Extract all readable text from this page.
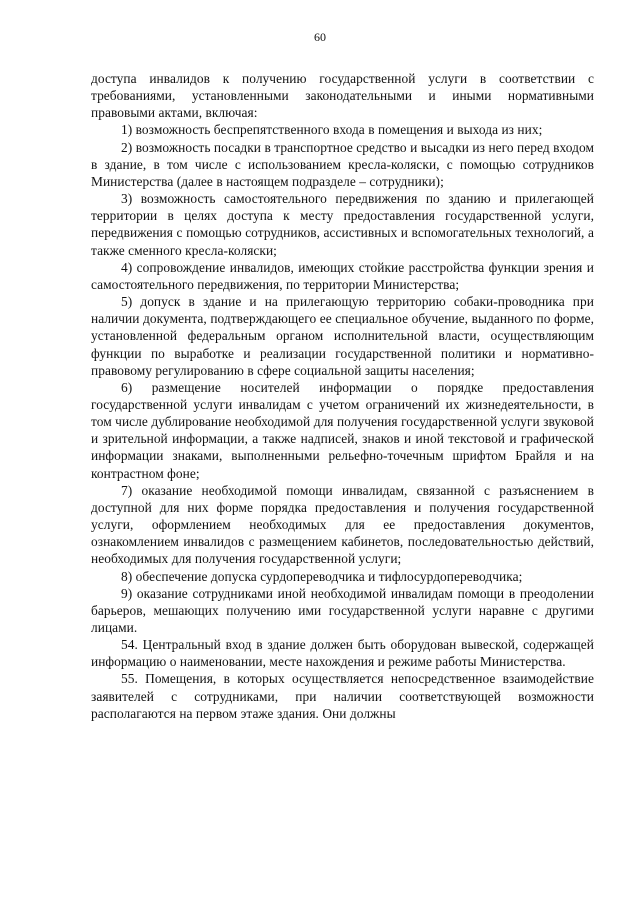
60

доступа инвалидов к получению государственной услуги в соответствии с требованиями, установленными законодательными и иными нормативными правовыми актами, включая:

1) возможность беспрепятственного входа в помещения и выхода из них;

2) возможность посадки в транспортное средство и высадки из него перед входом в здание, в том числе с использованием кресла-коляски, с помощью сотрудников Министерства (далее в настоящем подразделе – сотрудники);

3) возможность самостоятельного передвижения по зданию и прилегающей территории в целях доступа к месту предоставления государственной услуги, передвижения с помощью сотрудников, ассистивных и вспомогательных технологий, а также сменного кресла-коляски;

4) сопровождение инвалидов, имеющих стойкие расстройства функции зрения и самостоятельного передвижения, по территории Министерства;

5) допуск в здание и на прилегающую территорию собаки-проводника при наличии документа, подтверждающего ее специальное обучение, выданного по форме, установленной федеральным органом исполнительной власти, осуществляющим функции по выработке и реализации государственной политики и нормативно-правовому регулированию в сфере социальной защиты населения;

6) размещение носителей информации о порядке предоставления государственной услуги инвалидам с учетом ограничений их жизнедеятельности, в том числе дублирование необходимой для получения государственной услуги звуковой и зрительной информации, а также надписей, знаков и иной текстовой и графической информации знаками, выполненными рельефно-точечным шрифтом Брайля и на контрастном фоне;

7) оказание необходимой помощи инвалидам, связанной с разъяснением в доступной для них форме порядка предоставления и получения государственной услуги, оформлением необходимых для ее предоставления документов, ознакомлением инвалидов с размещением кабинетов, последовательностью действий, необходимых для получения государственной услуги;

8) обеспечение допуска сурдопереводчика и тифлосурдопереводчика;

9) оказание сотрудниками иной необходимой инвалидам помощи в преодолении барьеров, мешающих получению ими государственной услуги наравне с другими лицами.

54. Центральный вход в здание должен быть оборудован вывеской, содержащей информацию о наименовании, месте нахождения и режиме работы Министерства.

55. Помещения, в которых осуществляется непосредственное взаимодействие заявителей с сотрудниками, при наличии соответствующей возможности располагаются на первом этаже здания. Они должны
